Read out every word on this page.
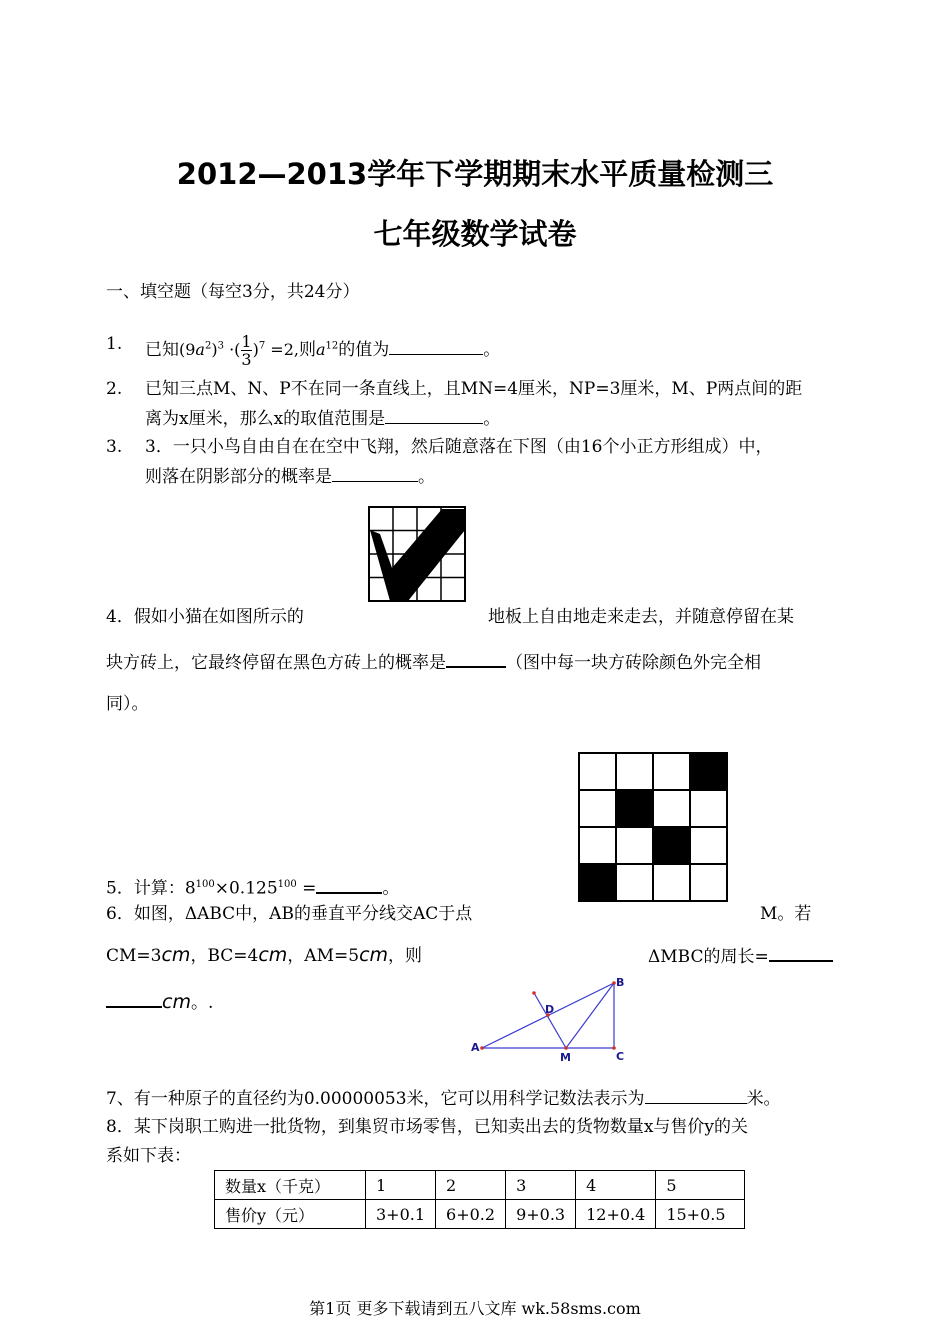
2012—2013学年下学期期末水平质量检测三
七年级数学试卷
一、填空题（每空3分，共24分）
1. 已知$(9a^2)^3$ ·( $\frac{1}{3} )^7 =2$,则$a^{12}$的值为	。
2. 已知三点M、N、P不在同一条直线上，且MN=4厘米，NP=3厘米，M、P两点间的距
离为x厘米，那么x的取值范围是	。
3. 3．一只小鸟自由自在在空中飞翔，然后随意落在下图（由16个小正方形组成）中，
则落在阴影部分的概率是	。
4．假如小猫在如图所示的	地板上自由地走来走去，并随意停留在某
块方砖上，它最终停留在黑色方砖上的概率是	（图中每一块方砖除颜色外完全相
同）。

5．计算：$8^{100}\times 0.125^{100}$ =	。
6．如图，ΔABC中，AB的垂直平分线交AC于点	M。若
CM=3cm，BC=4cm，AM=5cm，则	ΔMBC的周长=
cm。.
A
B
C
D
M
7、有一种原子的直径约为0.00000053米，它可以用科学记数法表示为	米。
8．某下岗职工购进一批货物，到集贸市场零售，已知卖出去的货物数量x与售价y的关
系如下表：
数量x（千克）	1	2	3	4	5
售价y（元）	3+0.1	6+0.2	9+0.3	12+0.4	15+0.5
第1页 更多下载请到五八文库 wk.58sms.com
